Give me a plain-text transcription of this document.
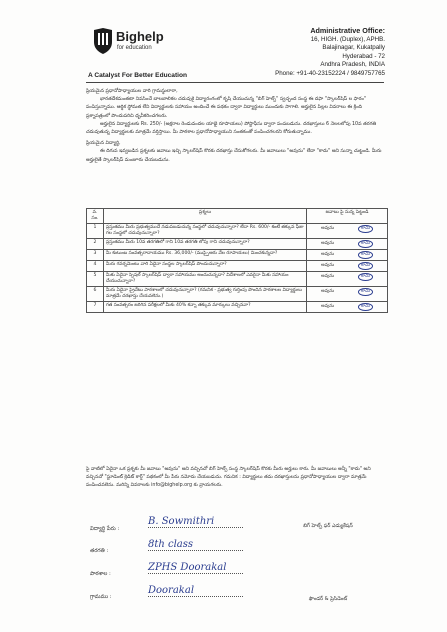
Bighelp
for education
A Catalyst For Better Education
Administrative Office:
16, HIGH. (Duplex), APHB.
Balajinagar, Kukatpally
Hyderabad - 72
Andhra Pradesh, INDIA
Phone: +91-40-23152224 / 9849757765

ప్రియమైన ప్రధానోపాధ్యాయుల వారి గ్రామస్థులారా,

భారతదేశమంతటా నివసించే బాలబాలికల చదువుకై విద్యారంగంలో కృషి చేయుచున్న "బిగ్ హెల్ప్" స్వచ్ఛంద సంస్థ ఈ దఫా "స్కాలర్‌షిప్ ల ఫారం" పంపిస్తున్నాము. ఆర్థిక స్థోమత లేని విద్యార్థులకు సహాయం అందించే ఈ పథకం ద్వారా విద్యార్థులు ముందుకు సాగాలి. అర్హులైన పిల్లల వివరాలు ఈ క్రింది ప్రశ్నాపత్రంలో పొందుపరిచి ధృవీకరించగలరు.

అర్హులైన విద్యార్థులకు Rs. 250/- (అక్షరాల రెండువందల యాభై రూపాయలు) పోస్టాఫీసు ద్వారా పంపబడును. దరఖాస్తులు 6 నెలలలోపు 10వ తరగతి చదువుతున్న విద్యార్థులకు మాత్రమే వర్తిస్తాయి. మీ పాఠశాల ప్రధానోపాధ్యాయుని సంతకంతో పంపించగలరని కోరుతున్నాము.

ప్రియమైన విద్యార్థి,

ఈ దిగువ ఇవ్వబడిన ప్రశ్నలకు జవాబు ఇచ్చి స్కాలర్‌షిప్‌ కొరకు దరఖాస్తు చేసుకోగలరు. మీ జవాబులు "అవును" లేదా "కాదు" అని సున్నా చుట్టండి. మీరు అర్హులైతే స్కాలర్‌షిప్ మంజూరు చేయబడును.

వ. సం.	ప్రశ్నలు	జవాబు పై సున్న పెట్టండి
1	ప్రస్తుతము మీరు ప్రభుత్వముచే నడుపబడుచున్న సంస్థలో చదువుచున్నారా? లేదా Rs. 600/- కంటే తక్కువ ఫీజు గల సంస్థలో చదువుచున్నారా?	అవును కాదు

2	ప్రస్తుతము మీరు 10వ తరగతిలో గాని 10వ తరగతి లోపు గాని చదువుచున్నారా?	అవును కాదు

3	మీ కుటుంబ సంవత్సరాదాయము Rs. 36,000/- (ముప్పైఆరు వేల రూపాయలు) మించకున్నదా?	అవును కాదు

4	మీరు గవర్నమెంటు వారి ఏదైనా సంస్థల స్కాలర్‌షిప్ పొందుచున్నారా?	అవును కాదు

5	మీకు ఏదైనా స్పెషల్ స్కాలర్‌షిప్ ద్వారా సహాయము అందుచున్నదా? విదేశాలలో ఎవరైనా మీకు సహాయం చేయుచున్నారా?	అవును కాదు

6	మీరు ఏదైనా ప్రైవేటు పాఠశాలలో చదువుచున్నారా? (గమనిక - ప్రభుత్వ గుర్తింపు పొందిన పాఠశాలల విద్యార్థులు మాత్రమే దరఖాస్తు చేయవలెను.)	అవును కాదు

7	గత సంవత్సరం జరిగిన పరీక్షలలో మీకు 40% కన్నా తక్కువ మార్కులు వచ్చినవా?	అవును కాదు
పై వాటిలో ఏదైనా ఒక ప్రశ్నకు మీ జవాబు "అవును" అని వచ్చినచో బిగ్ హెల్ప్ సంస్థ స్కాలర్‌షిప్ కొరకు మీరు అర్హులు కారు. మీ జవాబులు అన్నీ "కాదు" అని వచ్చినచో "స్టూడెంట్ క్రెడిట్ కార్డ్" పథకంలో మీ పేరు నమోదు చేయబడును. గమనిక : విద్యార్థులు తమ దరఖాస్తులను ప్రధానోపాధ్యాయుల ద్వారా మాత్రమే పంపించవలెను. మరిన్ని వివరాలకు info@bighelp.org కు వ్రాయగలరు.
విద్యార్థి పేరు :
B. Sowmithri
తరగతి :
8th class
పాఠశాల :
ZPHS Doorakal
గ్రామము :
Doorakal
బిగ్ హెల్ప్ ఫర్ ఎడ్యుకేషన్
ఫౌండర్ & ప్రెసిడెంట్
